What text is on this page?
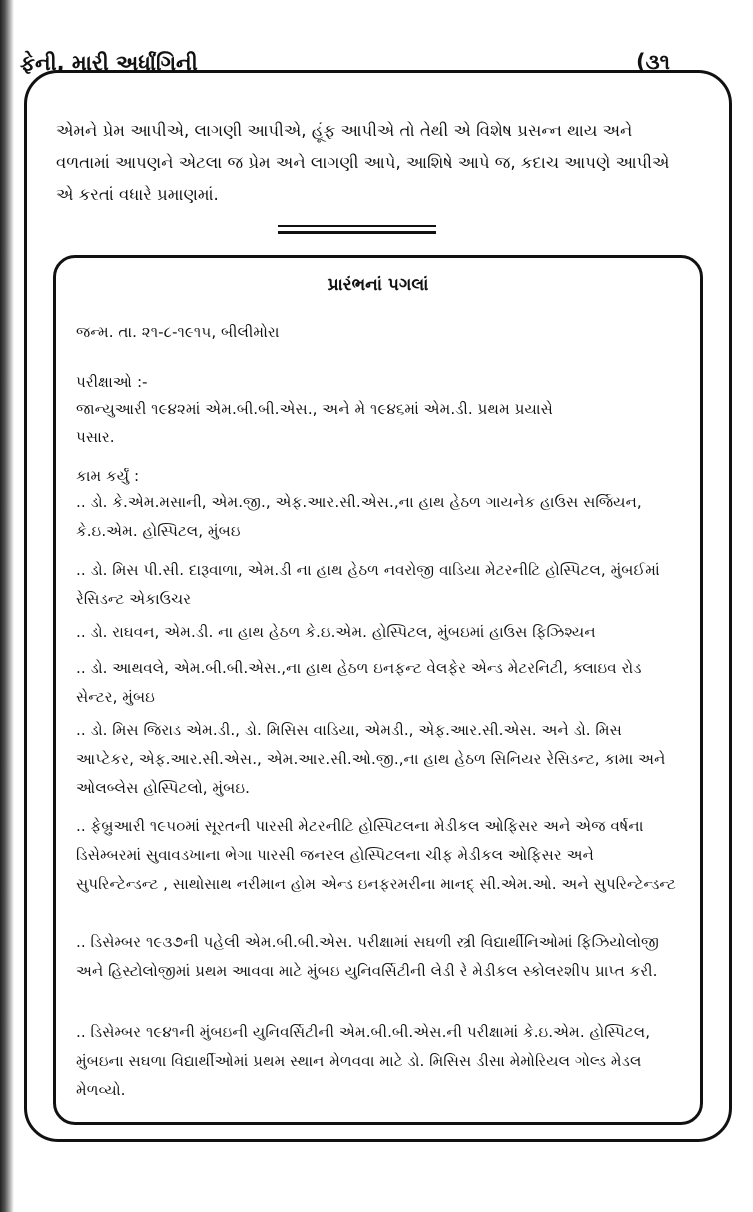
ફેની, મારી અર્ધાંગિની	(૩૧

એમને પ્રેમ આપીએ, લાગણી આપીએ, હૂંફ આપીએ તો તેથી એ વિશેષ પ્રસન્ન થાય અને વળતામાં આપણને એટલા જ પ્રેમ અને લાગણી આપે, આશિષે આપે જ, કદાચ આપણે આપીએ એ કરતાં વધારે પ્રમાણમાં.

પ્રારંભનાં પગલાં

જન્મ. તા. ૨૧-૮-૧૯૧૫, બીલીમોરા

પરીક્ષાઓ :-

જાન્યુઆરી ૧૯૪૨માં એમ.બી.બી.એસ., અને મે ૧૯૪૬માં એમ.ડી. પ્રથમ પ્રયાસે

પસાર.

કામ કર્યું :

.. ડો. કે.એમ.મસાની, એમ.જી., એફ.આર.સી.એસ.,ના હાથ હેઠળ ગાયનેક હાઉસ સર્જિયન, કે.ઇ.એમ. હોસ્પિટલ, મુંબઇ

.. ડો. મિસ પી.સી. દારૂવાળા, એમ.ડી ના હાથ હેઠળ નવરોજી વાડિયા મેટરનીટિ હોસ્પિટલ, મુંબઈમાં રેસિડન્ટ એકાઉચર

.. ડો. રાઘવન, એમ.ડી. ના હાથ હેઠળ કે.ઇ.એમ. હોસ્પિટલ, મુંબઇમાં હાઉસ ફિઝિશ્યન

.. ડો. આથવલે, એમ.બી.બી.એસ.,ના હાથ હેઠળ ઇનફન્ટ વેલફેર એન્ડ મેટરનિટી, ક્લાઇવ રોડ સેન્ટર, મુંબઇ

.. ડો. મિસ જિરાડ એમ.ડી., ડો. મિસિસ વાડિયા, એમડી., એફ.આર.સી.એસ. અને ડો. મિસ આપ્ટેકર, એફ.આર.સી.એસ., એમ.આર.સી.ઓ.જી.,ના હાથ હેઠળ સિનિયર રેસિડન્ટ, કામા અને ઓલબ્લેસ હોસ્પિટલો, મુંબઇ.

.. ફેબ્રુઆરી ૧૯૫૦માં સૂરતની પારસી મેટરનીટિ હોસ્પિટલના મેડીકલ ઓફિસર અને એજ વર્ષના ડિસેમ્બરમાં સુવાવડખાના ભેગા પારસી જનરલ હોસ્પિટલના ચીફ મેડીકલ ઓફિસર અને સુપરિન્ટેન્ડન્ટ , સાથોસાથ નરીમાન હોમ એન્ડ ઇનફરમરીના માનદ્ સી.એમ.ઓ. અને સુપરિન્ટેન્ડન્ટ

.. ડિસેમ્બર ૧૯૩૭ની પહેલી એમ.બી.બી.એસ. પરીક્ષામાં સઘળી સ્ત્રી વિદ્યાર્થીનિઓમાં ફિઝિયોલોજી અને હિસ્ટોલોજીમાં પ્રથમ આવવા માટે મુંબઇ યુનિવર્સિટીની લેડી રે મેડીકલ સ્કોલરશીપ પ્રાપ્ત કરી.

.. ડિસેમ્બર ૧૯૪૧ની મુંબઇની યુનિવર્સિટીની એમ.બી.બી.એસ.ની પરીક્ષામાં કે.ઇ.એમ. હોસ્પિટલ, મુંબઇના સઘળા વિદ્યાર્થીઓમાં પ્રથમ સ્થાન મેળવવા માટે ડો. મિસિસ ડીસા મેમોરિયલ ગોલ્ડ મેડલ મેળવ્યો.
